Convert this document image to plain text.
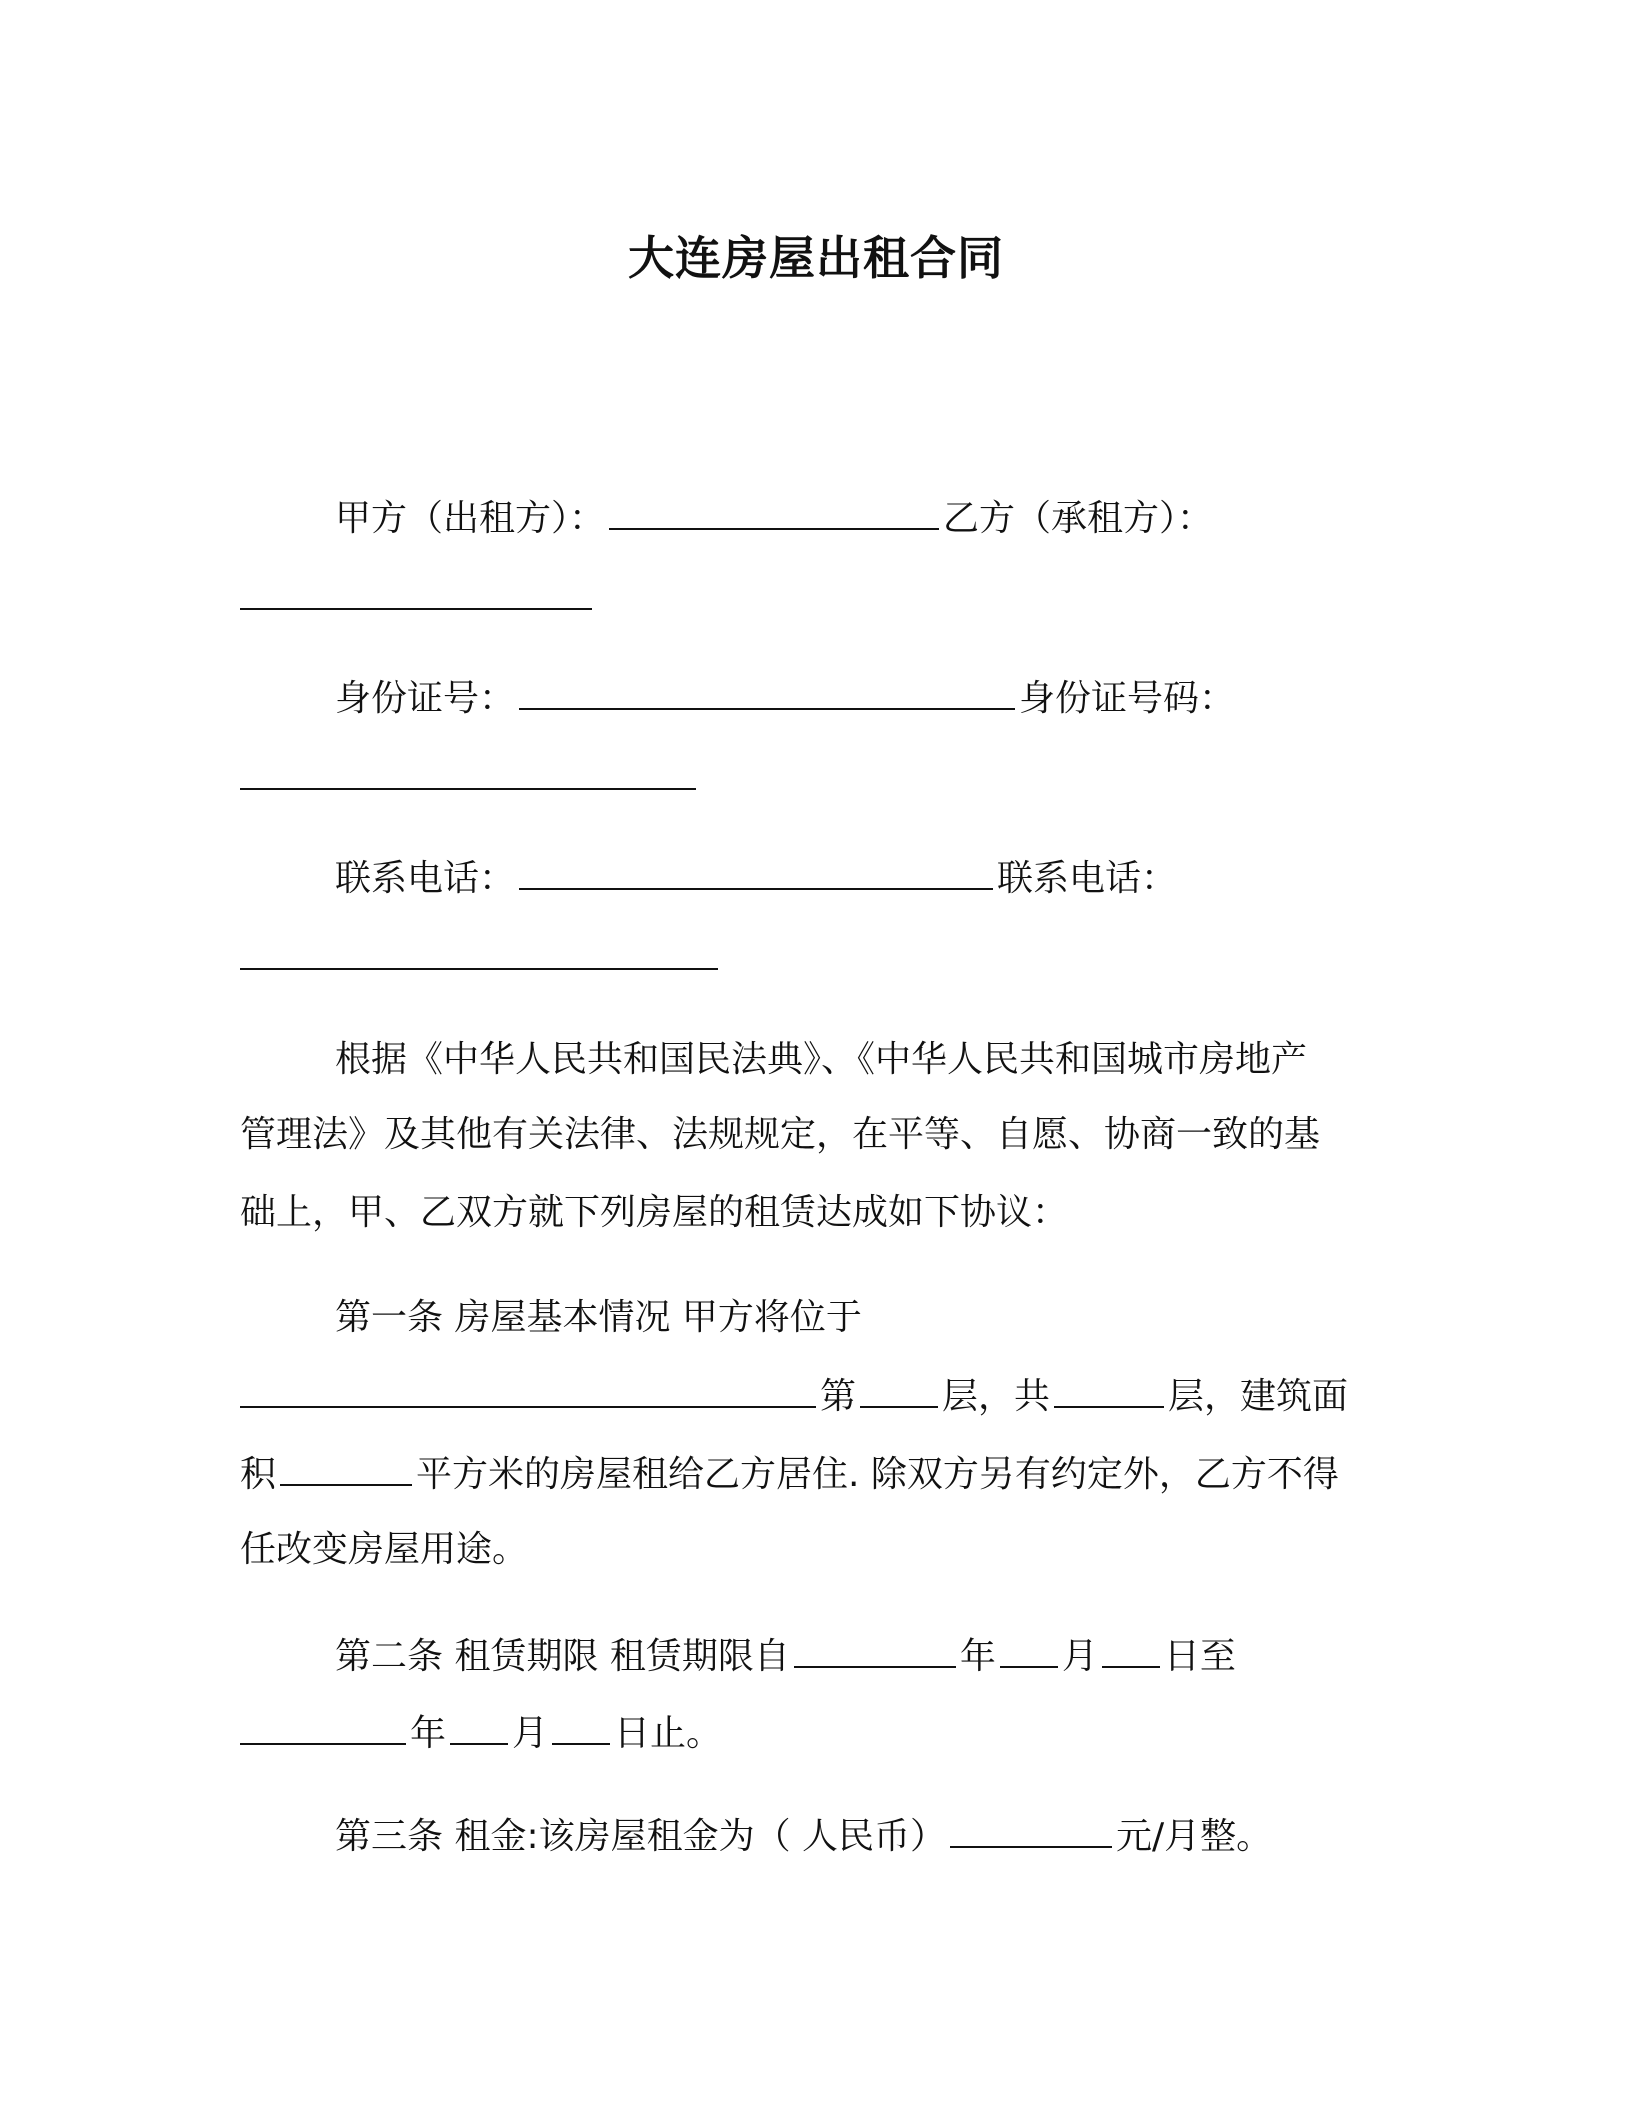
大连房屋出租合同
甲方（出租方）：	乙方（承租方）：
身份证号：	身份证号码：
联系电话：	联系电话：
根据《中华人民共和国民法典》、《中华人民共和国城市房地产
管理法》及其他有关法律、法规规定，在平等、自愿、协商一致的基
础上，甲、乙双方就下列房屋的租赁达成如下协议：
第一条 房屋基本情况 甲方将位于
第 层，共	层，建筑面
积	平方米的房屋租给乙方居住. 除双方另有约定外，乙方不得
任改变房屋用途。
第二条 租赁期限 租赁期限自	年 月 日至
年 月 日止。
第三条 租金:该房屋租金为（ 人民币）	元/月整。
